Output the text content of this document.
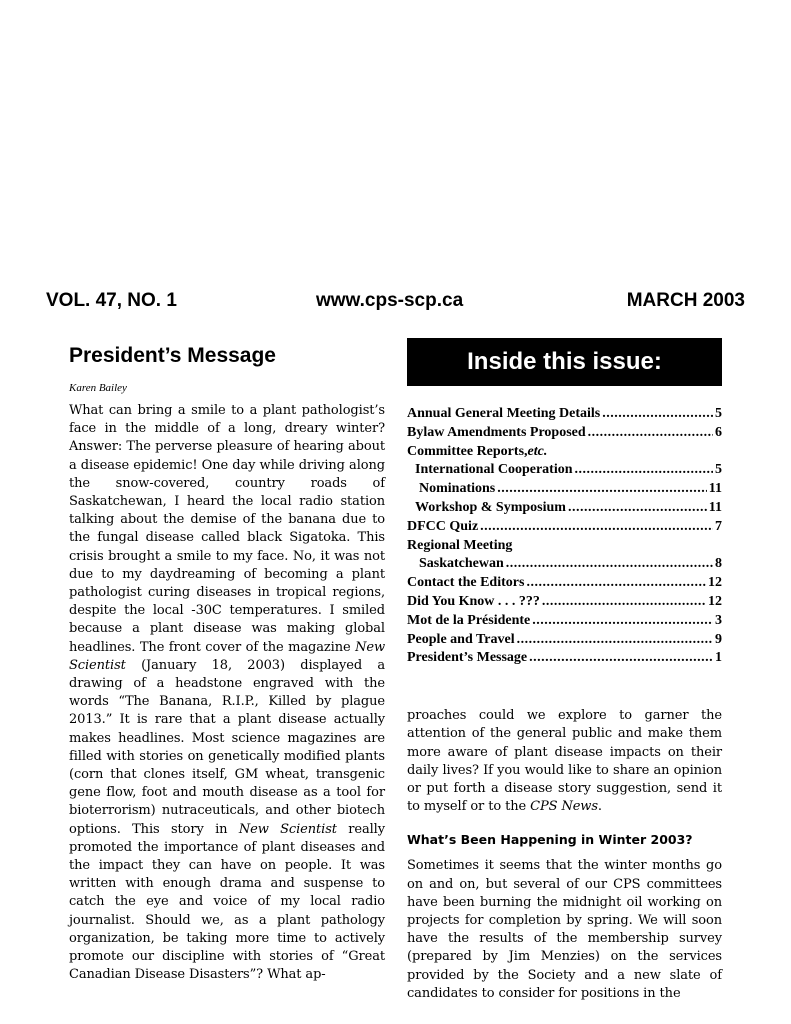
VOL. 47, NO. 1	www.cps-scp.ca	MARCH 2003
President’s Message
Karen Bailey

What can bring a smile to a plant pathologist’s face in the middle of a long, dreary winter? Answer: The perverse pleasure of hearing about a disease epidemic! One day while driving along the snow-covered, country roads of Saskatchewan, I heard the local radio station talking about the demise of the banana due to the fungal disease called black Sigatoka. This crisis brought a smile to my face. No, it was not due to my daydreaming of becoming a plant pathologist curing diseases in tropical regions, despite the local -30C temperatures. I smiled because a plant disease was making global headlines. The front cover of the magazine New Scientist (January 18, 2003) displayed a drawing of a headstone engraved with the words “The Banana, R.I.P., Killed by plague 2013.” It is rare that a plant disease actually makes headlines. Most science magazines are filled with stories on genetically modified plants (corn that clones itself, GM wheat, transgenic gene flow, foot and mouth disease as a tool for bioterrorism) nutraceuticals, and other biotech options. This story in New Scientist really promoted the importance of plant diseases and the impact they can have on people. It was written with enough drama and suspense to catch the eye and voice of my local radio journalist. Should we, as a plant pathology organization, be taking more time to actively promote our discipline with stories of “Great Canadian Disease Disasters”? What ap-

Inside this issue:
Annual General Meeting Details .....	5
Bylaw Amendments Proposed .....	6
Committee Reports, etc.
International Cooperation .....	5
Nominations .....	11
Workshop & Symposium .....	11
DFCC Quiz .....	7
Regional Meeting
Saskatchewan .....	8
Contact the Editors .....	12
Did You Know . . . ??? .....	12
Mot de la Présidente .....	3
People and Travel .....	9
President’s Message .....	1

proaches could we explore to garner the attention of the general public and make them more aware of plant disease impacts on their daily lives? If you would like to share an opinion or put forth a disease story suggestion, send it to myself or to the CPS News.

What’s Been Happening in Winter 2003?

Sometimes it seems that the winter months go on and on, but several of our CPS committees have been burning the midnight oil working on projects for completion by spring. We will soon have the results of the membership survey (prepared by Jim Menzies) on the services provided by the Society and a new slate of candidates to consider for positions in the
